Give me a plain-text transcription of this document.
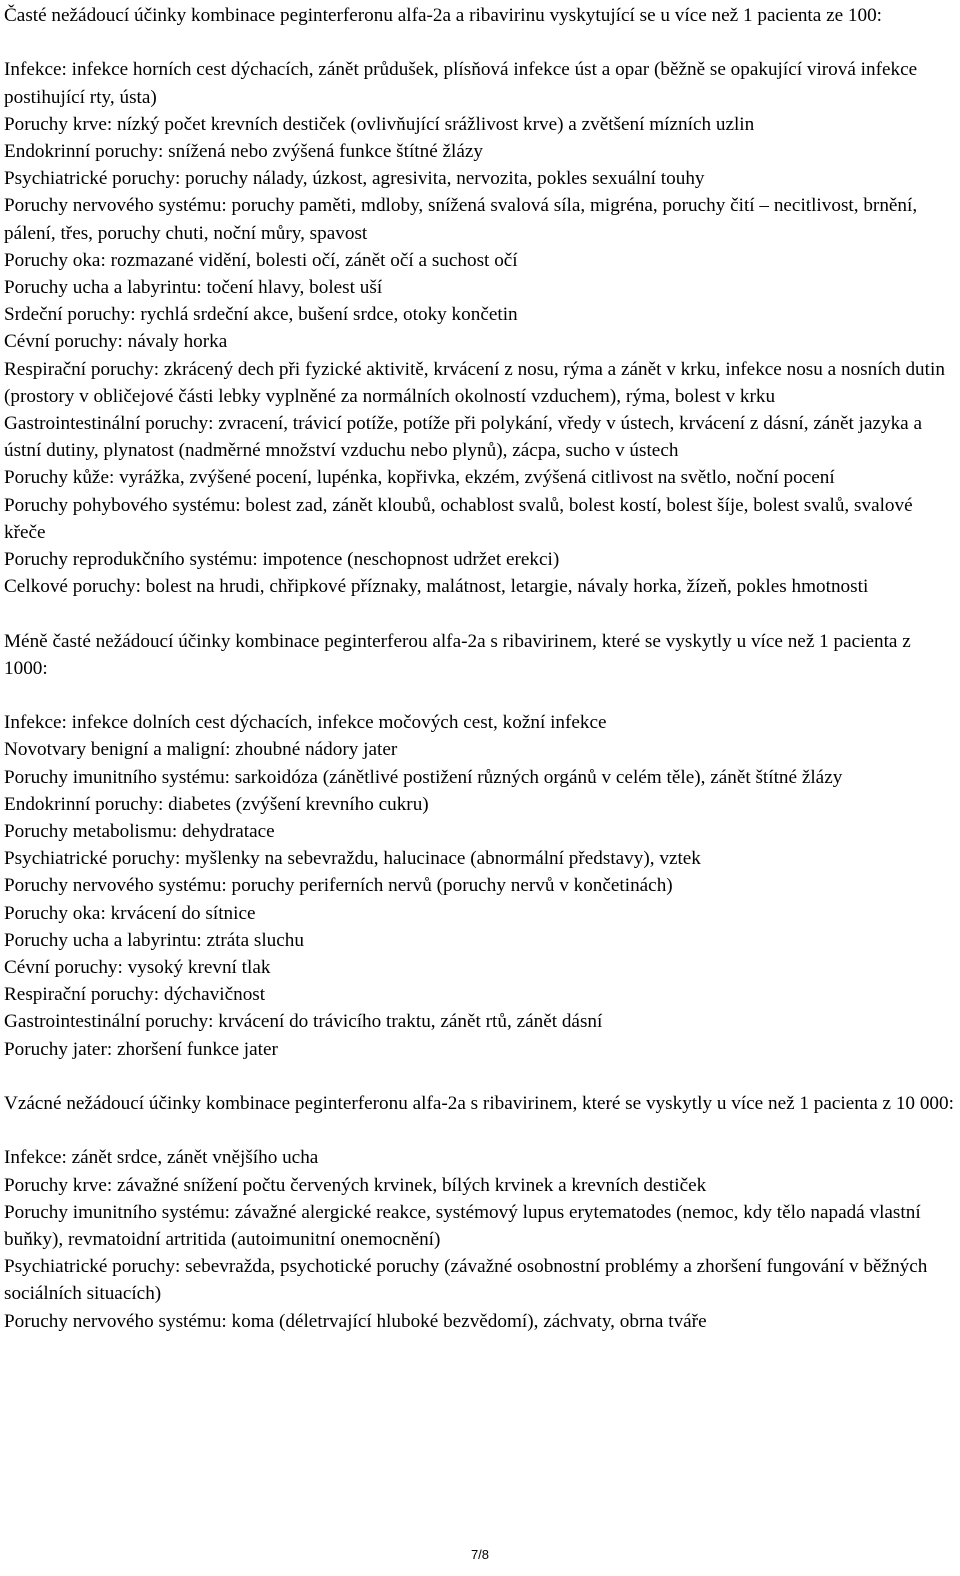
Časté nežádoucí účinky kombinace peginterferonu alfa-2a a ribavirinu vyskytující se u více než 1 pacienta ze 100:

Infekce: infekce horních cest dýchacích, zánět průdušek, plísňová infekce úst a opar (běžně se opakující virová infekce postihující rty, ústa)

Poruchy krve: nízký počet krevních destiček (ovlivňující srážlivost krve) a zvětšení mízních uzlin

Endokrinní poruchy: snížená nebo zvýšená funkce štítné žlázy

Psychiatrické poruchy: poruchy nálady, úzkost, agresivita, nervozita, pokles sexuální touhy

Poruchy nervového systému: poruchy paměti, mdloby, snížená svalová síla, migréna, poruchy čití – necitlivost, brnění, pálení, třes, poruchy chuti, noční můry, spavost

Poruchy oka: rozmazané vidění, bolesti očí, zánět očí a suchost očí

Poruchy ucha a labyrintu: točení hlavy, bolest uší

Srdeční poruchy: rychlá srdeční akce, bušení srdce, otoky končetin

Cévní poruchy: návaly horka

Respirační poruchy: zkrácený dech při fyzické aktivitě, krvácení z nosu, rýma a zánět v krku, infekce nosu a nosních dutin (prostory v obličejové části lebky vyplněné za normálních okolností vzduchem), rýma, bolest v krku

Gastrointestinální poruchy: zvracení, trávicí potíže, potíže při polykání, vředy v ústech, krvácení z dásní, zánět jazyka a ústní dutiny, plynatost (nadměrné množství vzduchu nebo plynů), zácpa, sucho v ústech

Poruchy kůže: vyrážka, zvýšené pocení, lupénka, kopřivka, ekzém, zvýšená citlivost na světlo, noční pocení

Poruchy pohybového systému: bolest zad, zánět kloubů, ochablost svalů, bolest kostí, bolest šíje, bolest svalů, svalové křeče

Poruchy reprodukčního systému: impotence (neschopnost udržet erekci)

Celkové poruchy: bolest na hrudi, chřipkové příznaky, malátnost, letargie, návaly horka, žízeň, pokles hmotnosti

Méně časté nežádoucí účinky kombinace peginterferou alfa-2a s ribavirinem, které se vyskytly u více než 1 pacienta z 1000:

Infekce: infekce dolních cest dýchacích, infekce močových cest, kožní infekce

Novotvary benigní a maligní: zhoubné nádory jater

Poruchy imunitního systému: sarkoidóza (zánětlivé postižení různých orgánů v celém těle), zánět štítné žlázy

Endokrinní poruchy: diabetes (zvýšení krevního cukru)

Poruchy metabolismu: dehydratace

Psychiatrické poruchy: myšlenky na sebevraždu, halucinace (abnormální představy), vztek

Poruchy nervového systému: poruchy periferních nervů (poruchy nervů v končetinách)

Poruchy oka: krvácení do sítnice

Poruchy ucha a labyrintu: ztráta sluchu

Cévní poruchy: vysoký krevní tlak

Respirační poruchy: dýchavičnost

Gastrointestinální poruchy: krvácení do trávicího traktu, zánět rtů, zánět dásní

Poruchy jater: zhoršení funkce jater

Vzácné nežádoucí účinky kombinace peginterferonu alfa-2a s ribavirinem, které se vyskytly u více než 1 pacienta z 10 000:

Infekce: zánět srdce, zánět vnějšího ucha

Poruchy krve: závažné snížení počtu červených krvinek, bílých krvinek a krevních destiček

Poruchy imunitního systému: závažné alergické reakce, systémový lupus erytematodes (nemoc, kdy tělo napadá vlastní buňky), revmatoidní artritida (autoimunitní onemocnění)

Psychiatrické poruchy: sebevražda, psychotické poruchy (závažné osobnostní problémy a zhoršení fungování v běžných sociálních situacích)

Poruchy nervového systému: koma (déletrvající hluboké bezvědomí), záchvaty, obrna tváře

7/8
